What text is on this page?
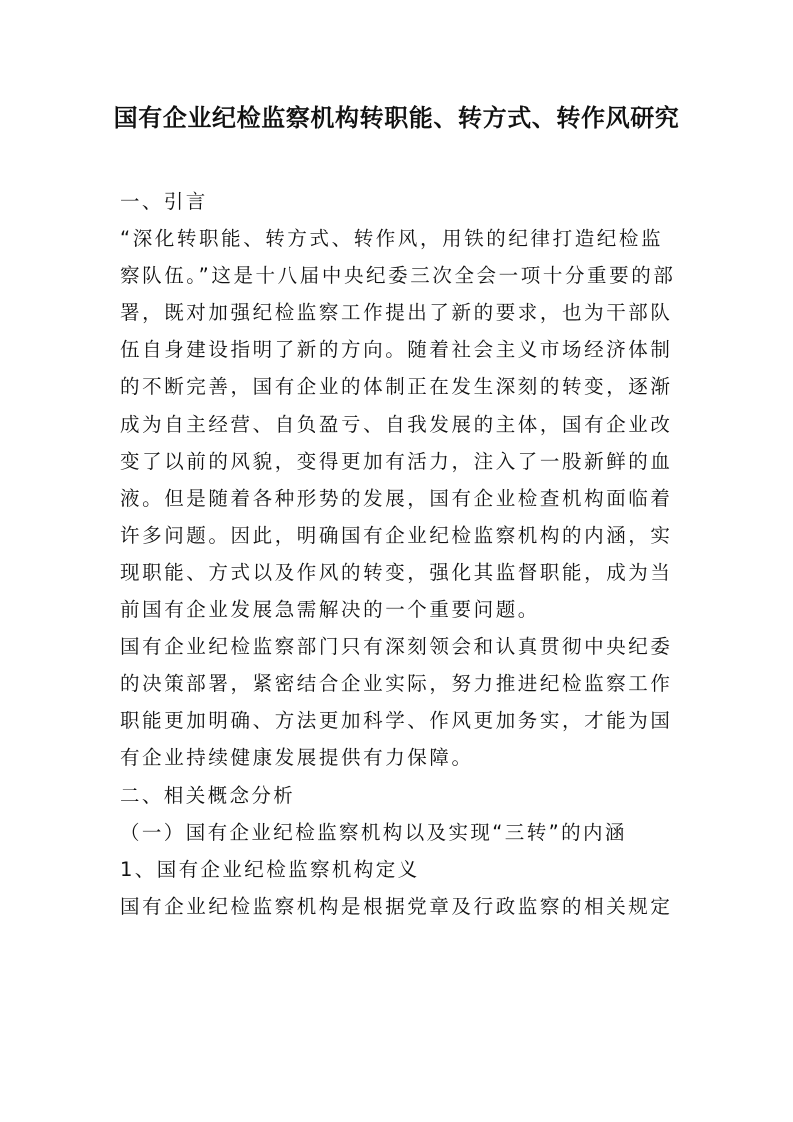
国有企业纪检监察机构转职能、转方式、转作风研究

一、引言

“深化转职能、转方式、转作风，用铁的纪律打造纪检监察队伍。”这是十八届中央纪委三次全会一项十分重要的部署，既对加强纪检监察工作提出了新的要求，也为干部队伍自身建设指明了新的方向。随着社会主义市场经济体制的不断完善，国有企业的体制正在发生深刻的转变，逐渐成为自主经营、自负盈亏、自我发展的主体，国有企业改变了以前的风貌，变得更加有活力，注入了一股新鲜的血液。但是随着各种形势的发展，国有企业检查机构面临着许多问题。因此，明确国有企业纪检监察机构的内涵，实现职能、方式以及作风的转变，强化其监督职能，成为当前国有企业发展急需解决的一个重要问题。

国有企业纪检监察部门只有深刻领会和认真贯彻中央纪委的决策部署，紧密结合企业实际，努力推进纪检监察工作职能更加明确、方法更加科学、作风更加务实，才能为国有企业持续健康发展提供有力保障。

二、相关概念分析

（一）国有企业纪检监察机构以及实现“三转”的内涵

1、国有企业纪检监察机构定义

国有企业纪检监察机构是根据党章及行政监察的相关规定
